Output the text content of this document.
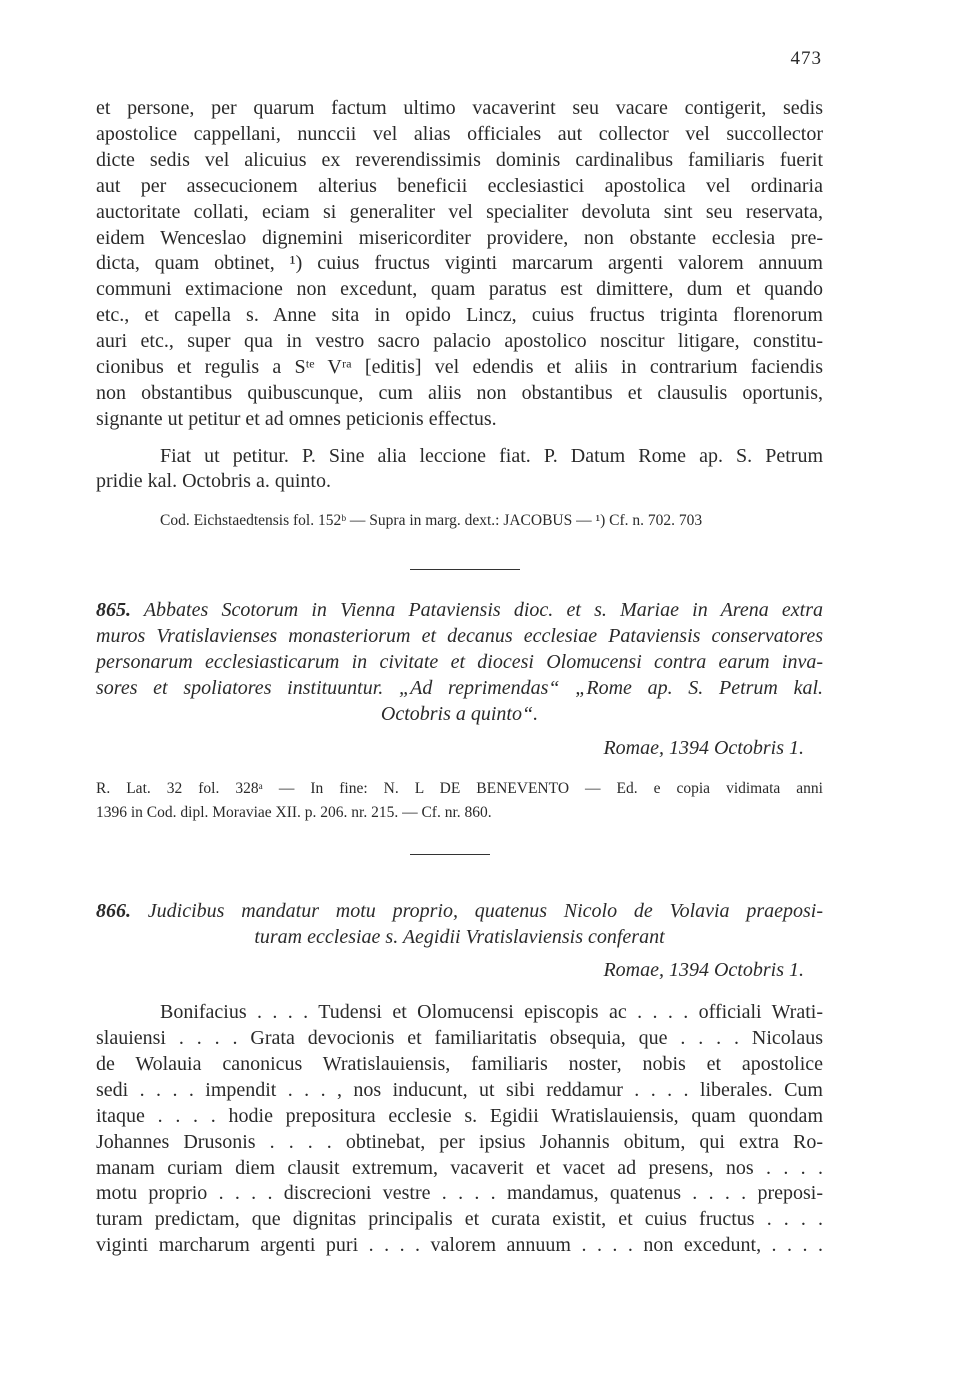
473

et persone, per quarum factum ultimo vacaverint seu vacare contigerit, sedis

apostolice cappellani, nunccii vel alias officiales aut collector vel succollector

dicte sedis vel alicuius ex reverendissimis dominis cardinalibus familiaris fuerit

aut per assecucionem alterius beneficii ecclesiastici apostolica vel ordinaria

auctoritate collati, eciam si generaliter vel specialiter devoluta sint seu reservata,

eidem Wenceslao dignemini misericorditer providere, non obstante ecclesia pre-

dicta, quam obtinet, ¹) cuius fructus viginti marcarum argenti valorem annuum

communi extimacione non excedunt, quam paratus est dimittere, dum et quando

etc., et capella s. Anne sita in opido Lincz, cuius fructus triginta florenorum

auri etc., super qua in vestro sacro palacio apostolico noscitur litigare, constitu-

cionibus et regulis a Sᵗᵉ Vʳᵃ [editis] vel edendis et aliis in contrarium faciendis

non obstantibus quibuscunque, cum aliis non obstantibus et clausulis oportunis,

signante ut petitur et ad omnes peticionis effectus.

Fiat ut petitur. P. Sine alia leccione fiat. P. Datum Rome ap. S. Petrum

pridie kal. Octobris a. quinto.

Cod. Eichstaedtensis fol. 152ᵇ — Supra in marg. dext.: JACOBUS — ¹) Cf. n. 702. 703

865. Abbates Scotorum in Vienna Pataviensis dioc. et s. Mariae in Arena extra

muros Vratislavienses monasteriorum et decanus ecclesiae Pataviensis conservatores

personarum ecclesiasticarum in civitate et diocesi Olomucensi contra earum inva-

sores et spoliatores instituuntur. „Ad reprimendas“ „Rome ap. S. Petrum kal.

Octobris a quinto“.

Romae, 1394 Octobris 1.

R. Lat. 32 fol. 328ᵃ — In fine: N. L DE BENEVENTO — Ed. e copia vidimata anni

1396 in Cod. dipl. Moraviae XII. p. 206. nr. 215. — Cf. nr. 860.

866. Judicibus mandatur motu proprio, quatenus Nicolo de Volavia praeposi-

turam ecclesiae s. Aegidii Vratislaviensis conferant

Romae, 1394 Octobris 1.

Bonifacius . . . . Tudensi et Olomucensi episcopis ac . . . . officiali Wrati-

slauiensi . . . . Grata devocionis et familiaritatis obsequia, que . . . . Nicolaus

de Wolauia canonicus Wratislauiensis, familiaris noster, nobis et apostolice

sedi . . . . impendit . . . , nos inducunt, ut sibi reddamur . . . . liberales. Cum

itaque . . . . hodie prepositura ecclesie s. Egidii Wratislauiensis, quam quondam

Johannes Drusonis . . . . obtinebat, per ipsius Johannis obitum, qui extra Ro-

manam curiam diem clausit extremum, vacaverit et vacet ad presens, nos . . . .

motu proprio . . . . discrecioni vestre . . . . mandamus, quatenus . . . . preposi-

turam predictam, que dignitas principalis et curata existit, et cuius fructus . . . .

viginti marcharum argenti puri . . . . valorem annuum . . . . non excedunt, . . . .
